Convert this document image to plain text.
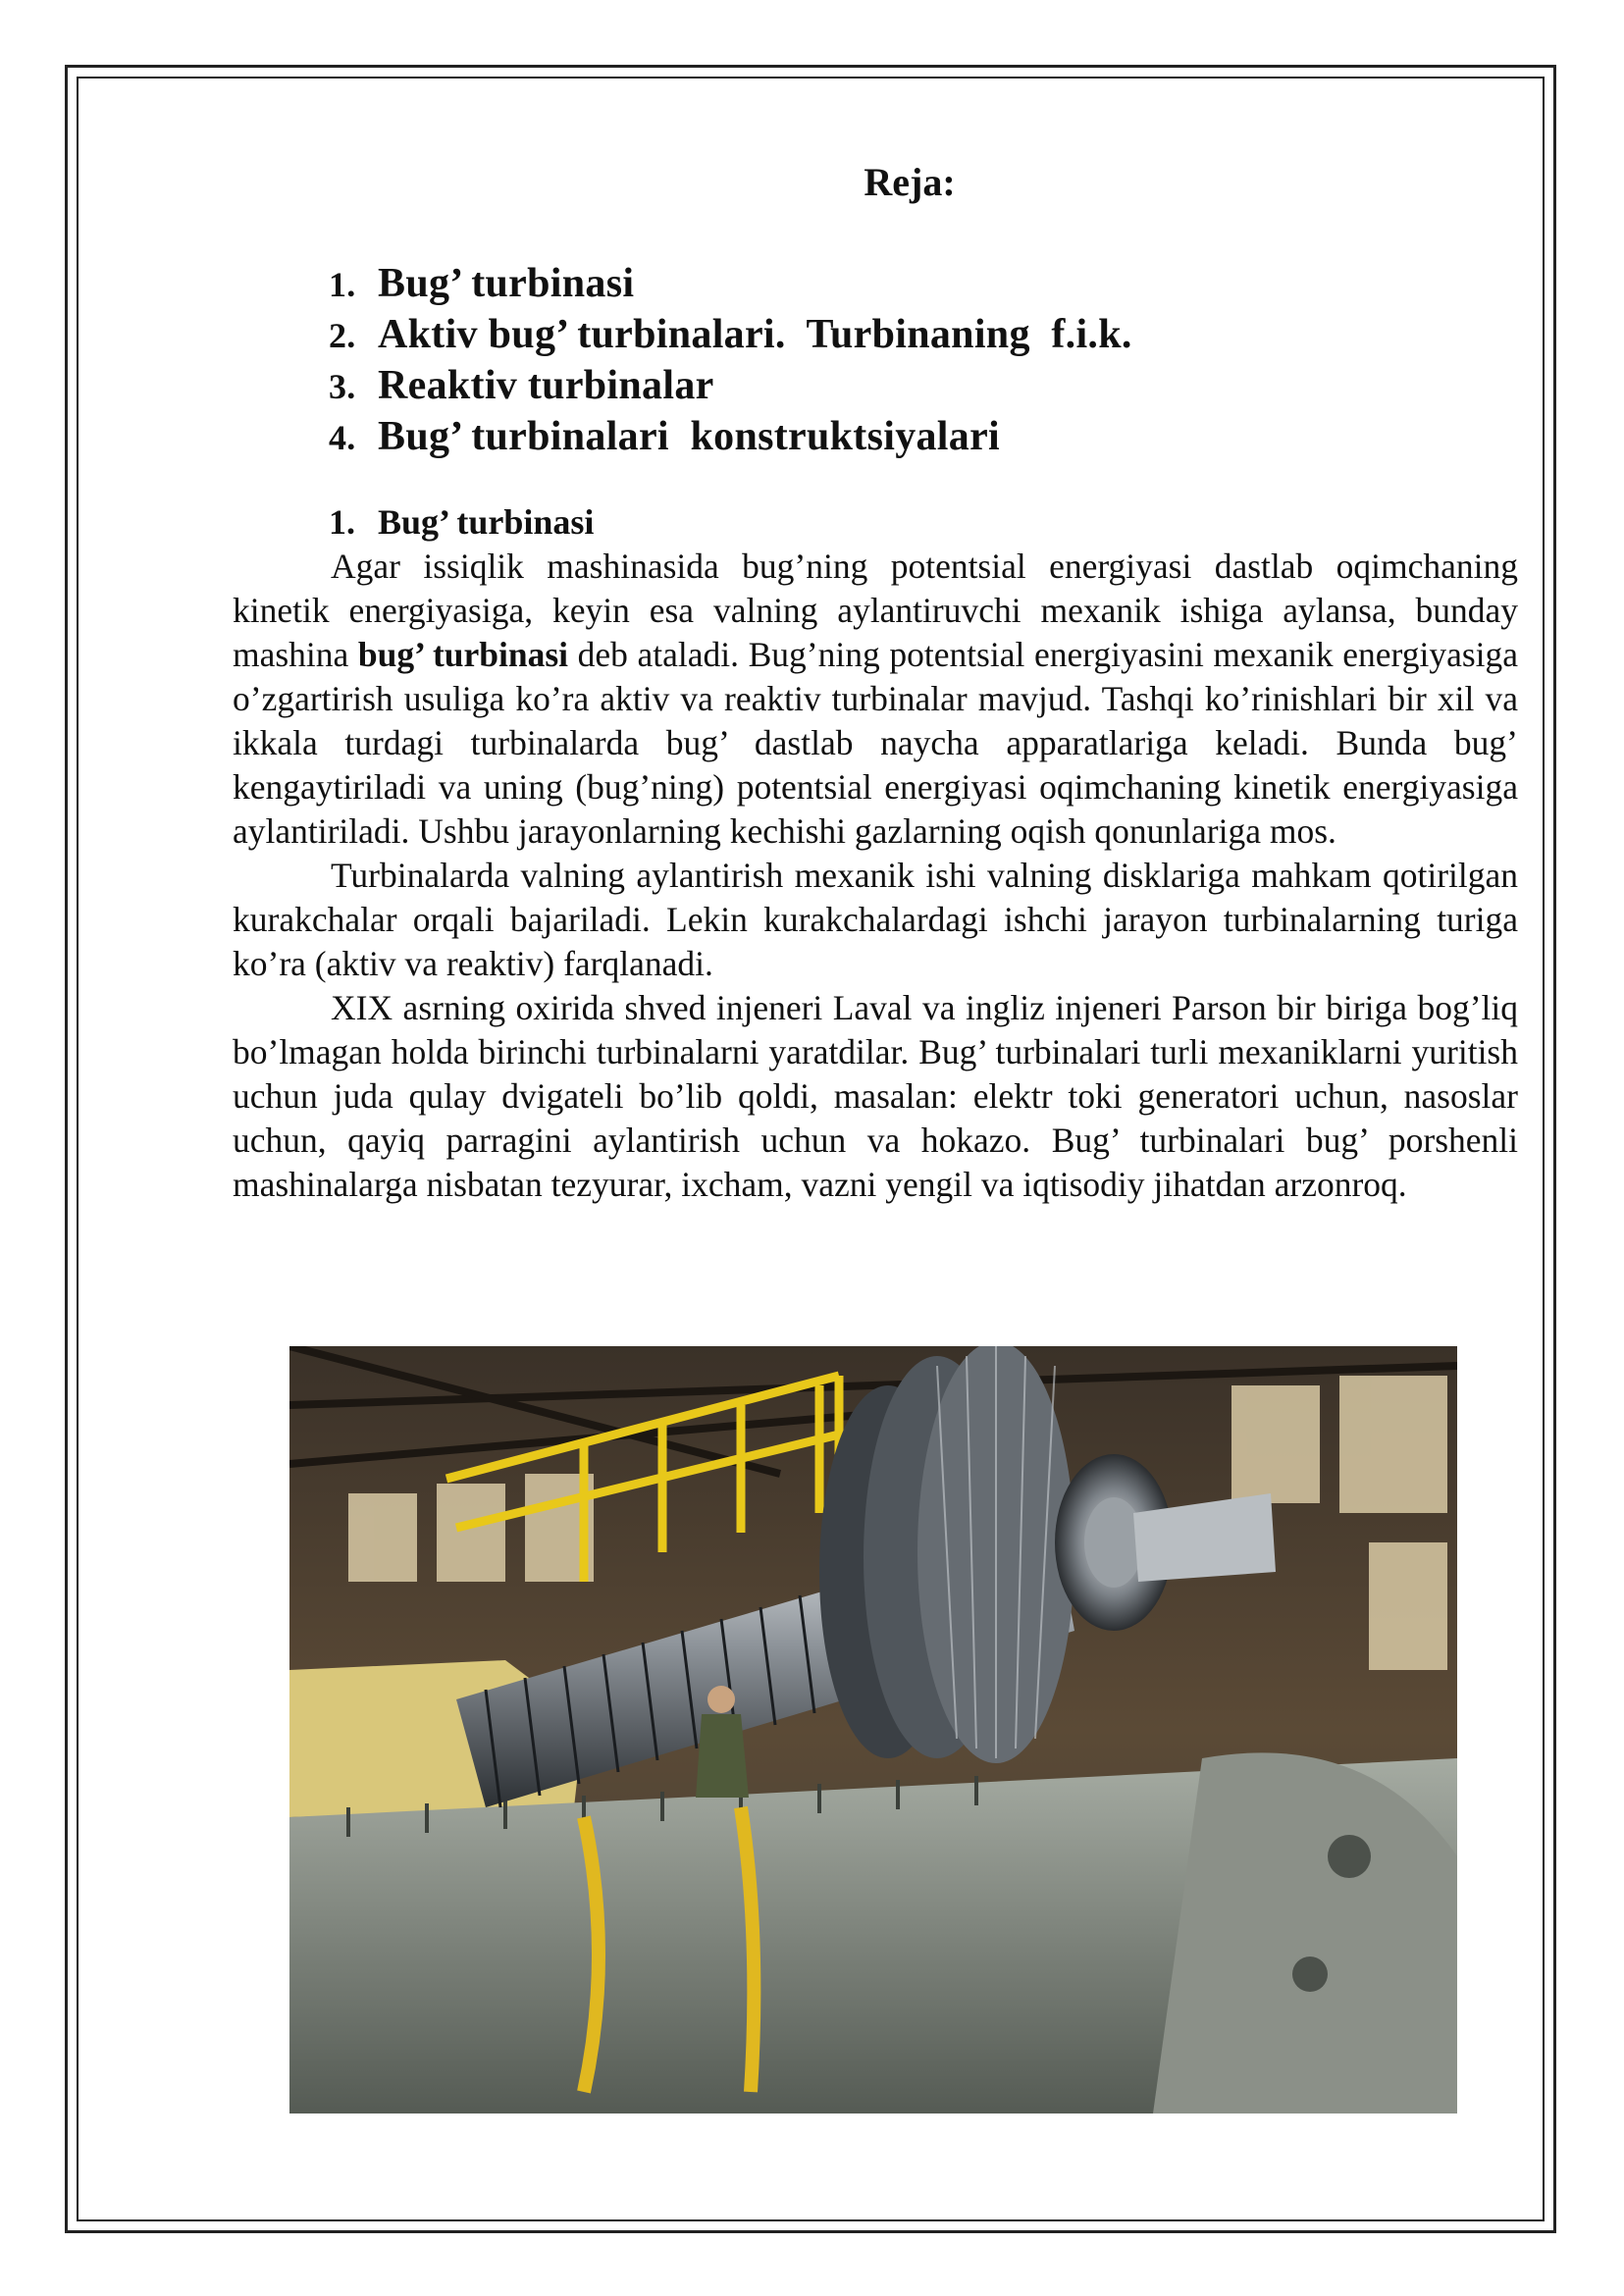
Reja:
1. Bug’ turbinasi
2. Aktiv bug’ turbinalari.  Turbinaning  f.i.k.
3. Reaktiv turbinalar
4. Bug’ turbinalari  konstruktsiyalari
1. Bug’ turbinasi

Agar issiqlik mashinasida bug’ning potentsial energiyasi dastlab oqimchaning kinetik energiyasiga, keyin esa valning aylantiruvchi mexanik ishiga aylansa, bunday mashina bug’ turbinasi deb ataladi. Bug’ning potentsial energiyasini mexanik energiyasiga o’zgartirish usuliga ko’ra aktiv va reaktiv turbinalar mavjud. Tashqi ko’rinishlari bir xil va ikkala turdagi turbinalarda bug’ dastlab naycha apparatlariga keladi. Bunda bug’ kengaytiriladi va uning (bug’ning) potentsial energiyasi oqimchaning kinetik energiyasiga aylantiriladi. Ushbu jarayonlarning kechishi gazlarning oqish qonunlariga mos.

Turbinalarda valning aylantirish mexanik ishi valning disklariga mahkam qotirilgan kurakchalar orqali bajariladi. Lekin kurakchalardagi ishchi jarayon turbinalarning turiga ko’ra (aktiv va reaktiv) farqlanadi.

XIX asrning oxirida shved injeneri Laval va ingliz injeneri Parson bir biriga bog’liq bo’lmagan holda birinchi turbinalarni yaratdilar. Bug’ turbinalari turli mexaniklarni yuritish uchun juda qulay dvigateli bo’lib qoldi, masalan: elektr toki generatori uchun, nasoslar uchun, qayiq parragini aylantirish uchun va hokazo. Bug’ turbinalari bug’ porshenli mashinalarga nisbatan tezyurar, ixcham, vazni yengil va iqtisodiy jihatdan arzonroq.
